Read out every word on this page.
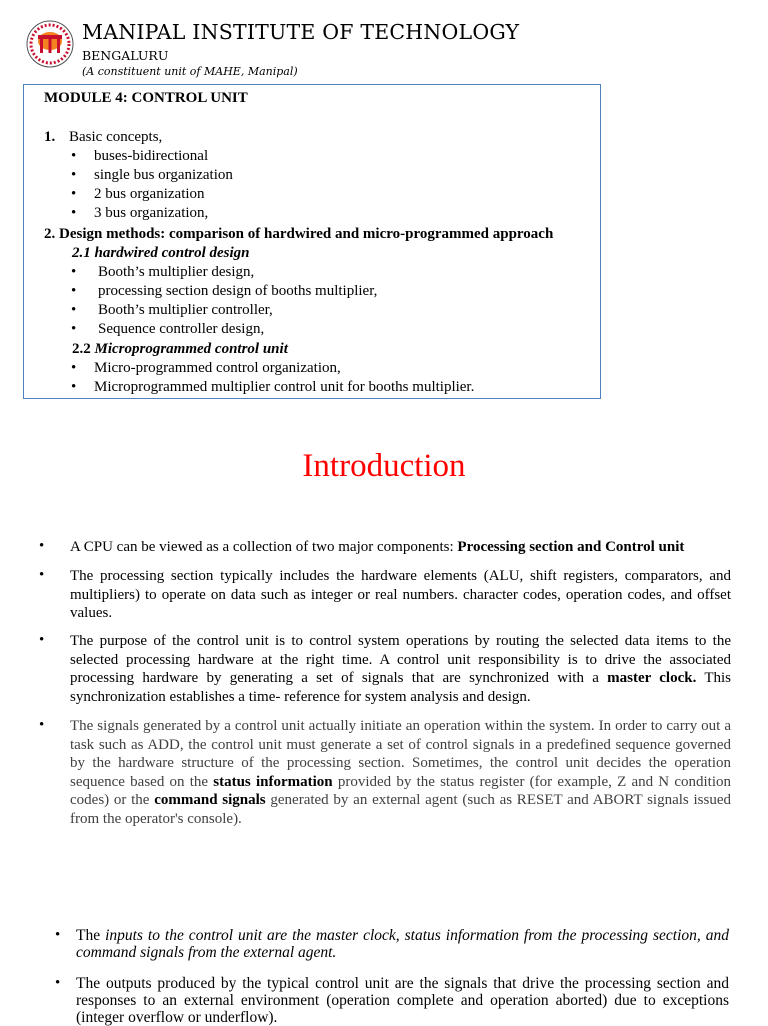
MANIPAL INSTITUTE OF TECHNOLOGY
BENGALURU
(A constituent unit of MAHE, Manipal)
MODULE 4: CONTROL UNIT
1. Basic concepts,
• buses-bidirectional
• single bus organization
• 2 bus organization
• 3 bus organization,
2. Design methods: comparison of hardwired and micro-programmed approach
2.1 hardwired control design
• Booth’s multiplier design,
• processing section design of booths multiplier,
• Booth’s multiplier controller,
• Sequence controller design,
2.2 Microprogrammed control unit
• Micro-programmed control organization,
• Microprogrammed multiplier control unit for booths multiplier.
Introduction
• A CPU can be viewed as a collection of two major components: Processing section and Control unit
• The processing section typically includes the hardware elements (ALU, shift registers, comparators, and multipliers) to operate on data such as integer or real numbers. character codes, operation codes, and offset values.
• The purpose of the control unit is to control system operations by routing the selected data items to the selected processing hardware at the right time. A control unit responsibility is to drive the associated processing hardware by generating a set of signals that are synchronized with a master clock. This synchronization establishes a time- reference for system analysis and design.
• The signals generated by a control unit actually initiate an operation within the system. In order to carry out a task such as ADD, the control unit must generate a set of control signals in a predefined sequence governed by the hardware structure of the processing section. Sometimes, the control unit decides the operation sequence based on the status information provided by the status register (for example, Z and N condition codes) or the command signals generated by an external agent (such as RESET and ABORT signals issued from the operator's console).
• The inputs to the control unit are the master clock, status information from the processing section, and command signals from the external agent.
• The outputs produced by the typical control unit are the signals that drive the processing section and responses to an external environment (operation complete and operation aborted) due to exceptions (integer overflow or underflow).
